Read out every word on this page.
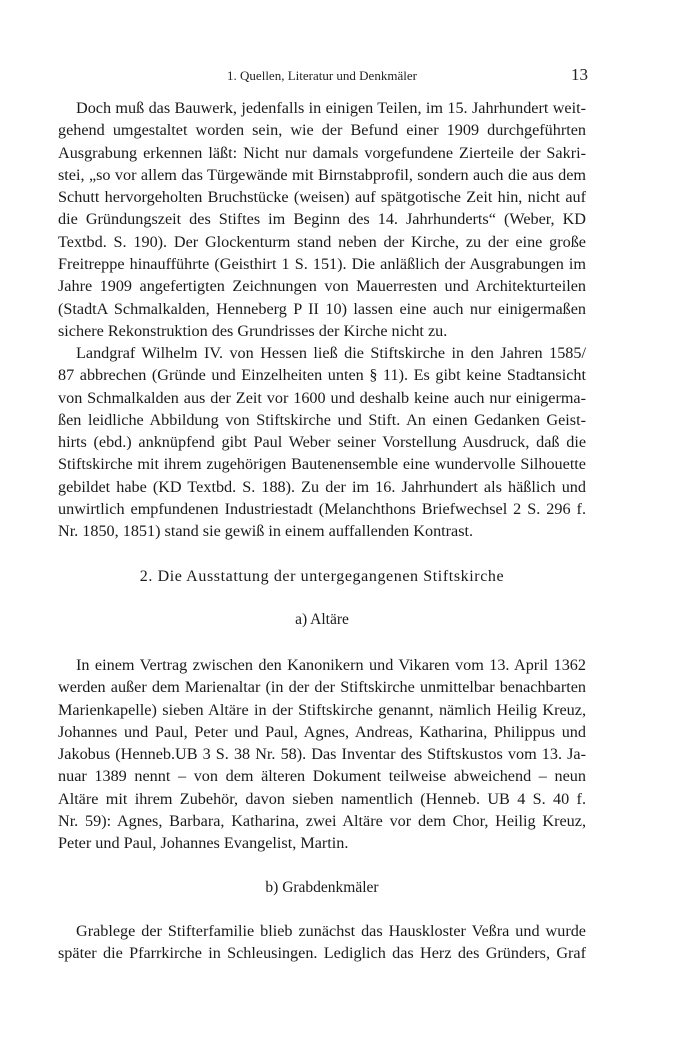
1. Quellen, Literatur und Denkmäler	13
Doch muß das Bauwerk, jedenfalls in einigen Teilen, im 15. Jahrhundert weit-
gehend umgestaltet worden sein, wie der Befund einer 1909 durchgeführten
Ausgrabung erkennen läßt: Nicht nur damals vorgefundene Zierteile der Sakri-
stei, „so vor allem das Türgewände mit Birnstabprofil, sondern auch die aus dem
Schutt hervorgeholten Bruchstücke (weisen) auf spätgotische Zeit hin, nicht auf
die Gründungszeit des Stiftes im Beginn des 14. Jahrhunderts“ (Weber, KD
Textbd. S. 190). Der Glockenturm stand neben der Kirche, zu der eine große
Freitreppe hinaufführte (Geisthirt 1 S. 151). Die anläßlich der Ausgrabungen im
Jahre 1909 angefertigten Zeichnungen von Mauerresten und Architekturteilen
(StadtA Schmalkalden, Henneberg P II 10) lassen eine auch nur einigermaßen
sichere Rekonstruktion des Grundrisses der Kirche nicht zu.
Landgraf Wilhelm IV. von Hessen ließ die Stiftskirche in den Jahren 1585/
87 abbrechen (Gründe und Einzelheiten unten § 11). Es gibt keine Stadtansicht
von Schmalkalden aus der Zeit vor 1600 und deshalb keine auch nur einigerma-
ßen leidliche Abbildung von Stiftskirche und Stift. An einen Gedanken Geist-
hirts (ebd.) anknüpfend gibt Paul Weber seiner Vorstellung Ausdruck, daß die
Stiftskirche mit ihrem zugehörigen Bautenensemble eine wundervolle Silhouette
gebildet habe (KD Textbd. S. 188). Zu der im 16. Jahrhundert als häßlich und
unwirtlich empfundenen Industriestadt (Melanchthons Briefwechsel 2 S. 296 f.
Nr. 1850, 1851) stand sie gewiß in einem auffallenden Kontrast.
2. Die Ausstattung der untergegangenen Stiftskirche
a) Altäre
In einem Vertrag zwischen den Kanonikern und Vikaren vom 13. April 1362
werden außer dem Marienaltar (in der der Stiftskirche unmittelbar benachbarten
Marienkapelle) sieben Altäre in der Stiftskirche genannt, nämlich Heilig Kreuz,
Johannes und Paul, Peter und Paul, Agnes, Andreas, Katharina, Philippus und
Jakobus (Henneb.UB 3 S. 38 Nr. 58). Das Inventar des Stiftskustos vom 13. Ja-
nuar 1389 nennt – von dem älteren Dokument teilweise abweichend – neun
Altäre mit ihrem Zubehör, davon sieben namentlich (Henneb. UB 4 S. 40 f.
Nr. 59): Agnes, Barbara, Katharina, zwei Altäre vor dem Chor, Heilig Kreuz,
Peter und Paul, Johannes Evangelist, Martin.
b) Grabdenkmäler
Grablege der Stifterfamilie blieb zunächst das Hauskloster Veßra und wurde
später die Pfarrkirche in Schleusingen. Lediglich das Herz des Gründers, Graf
